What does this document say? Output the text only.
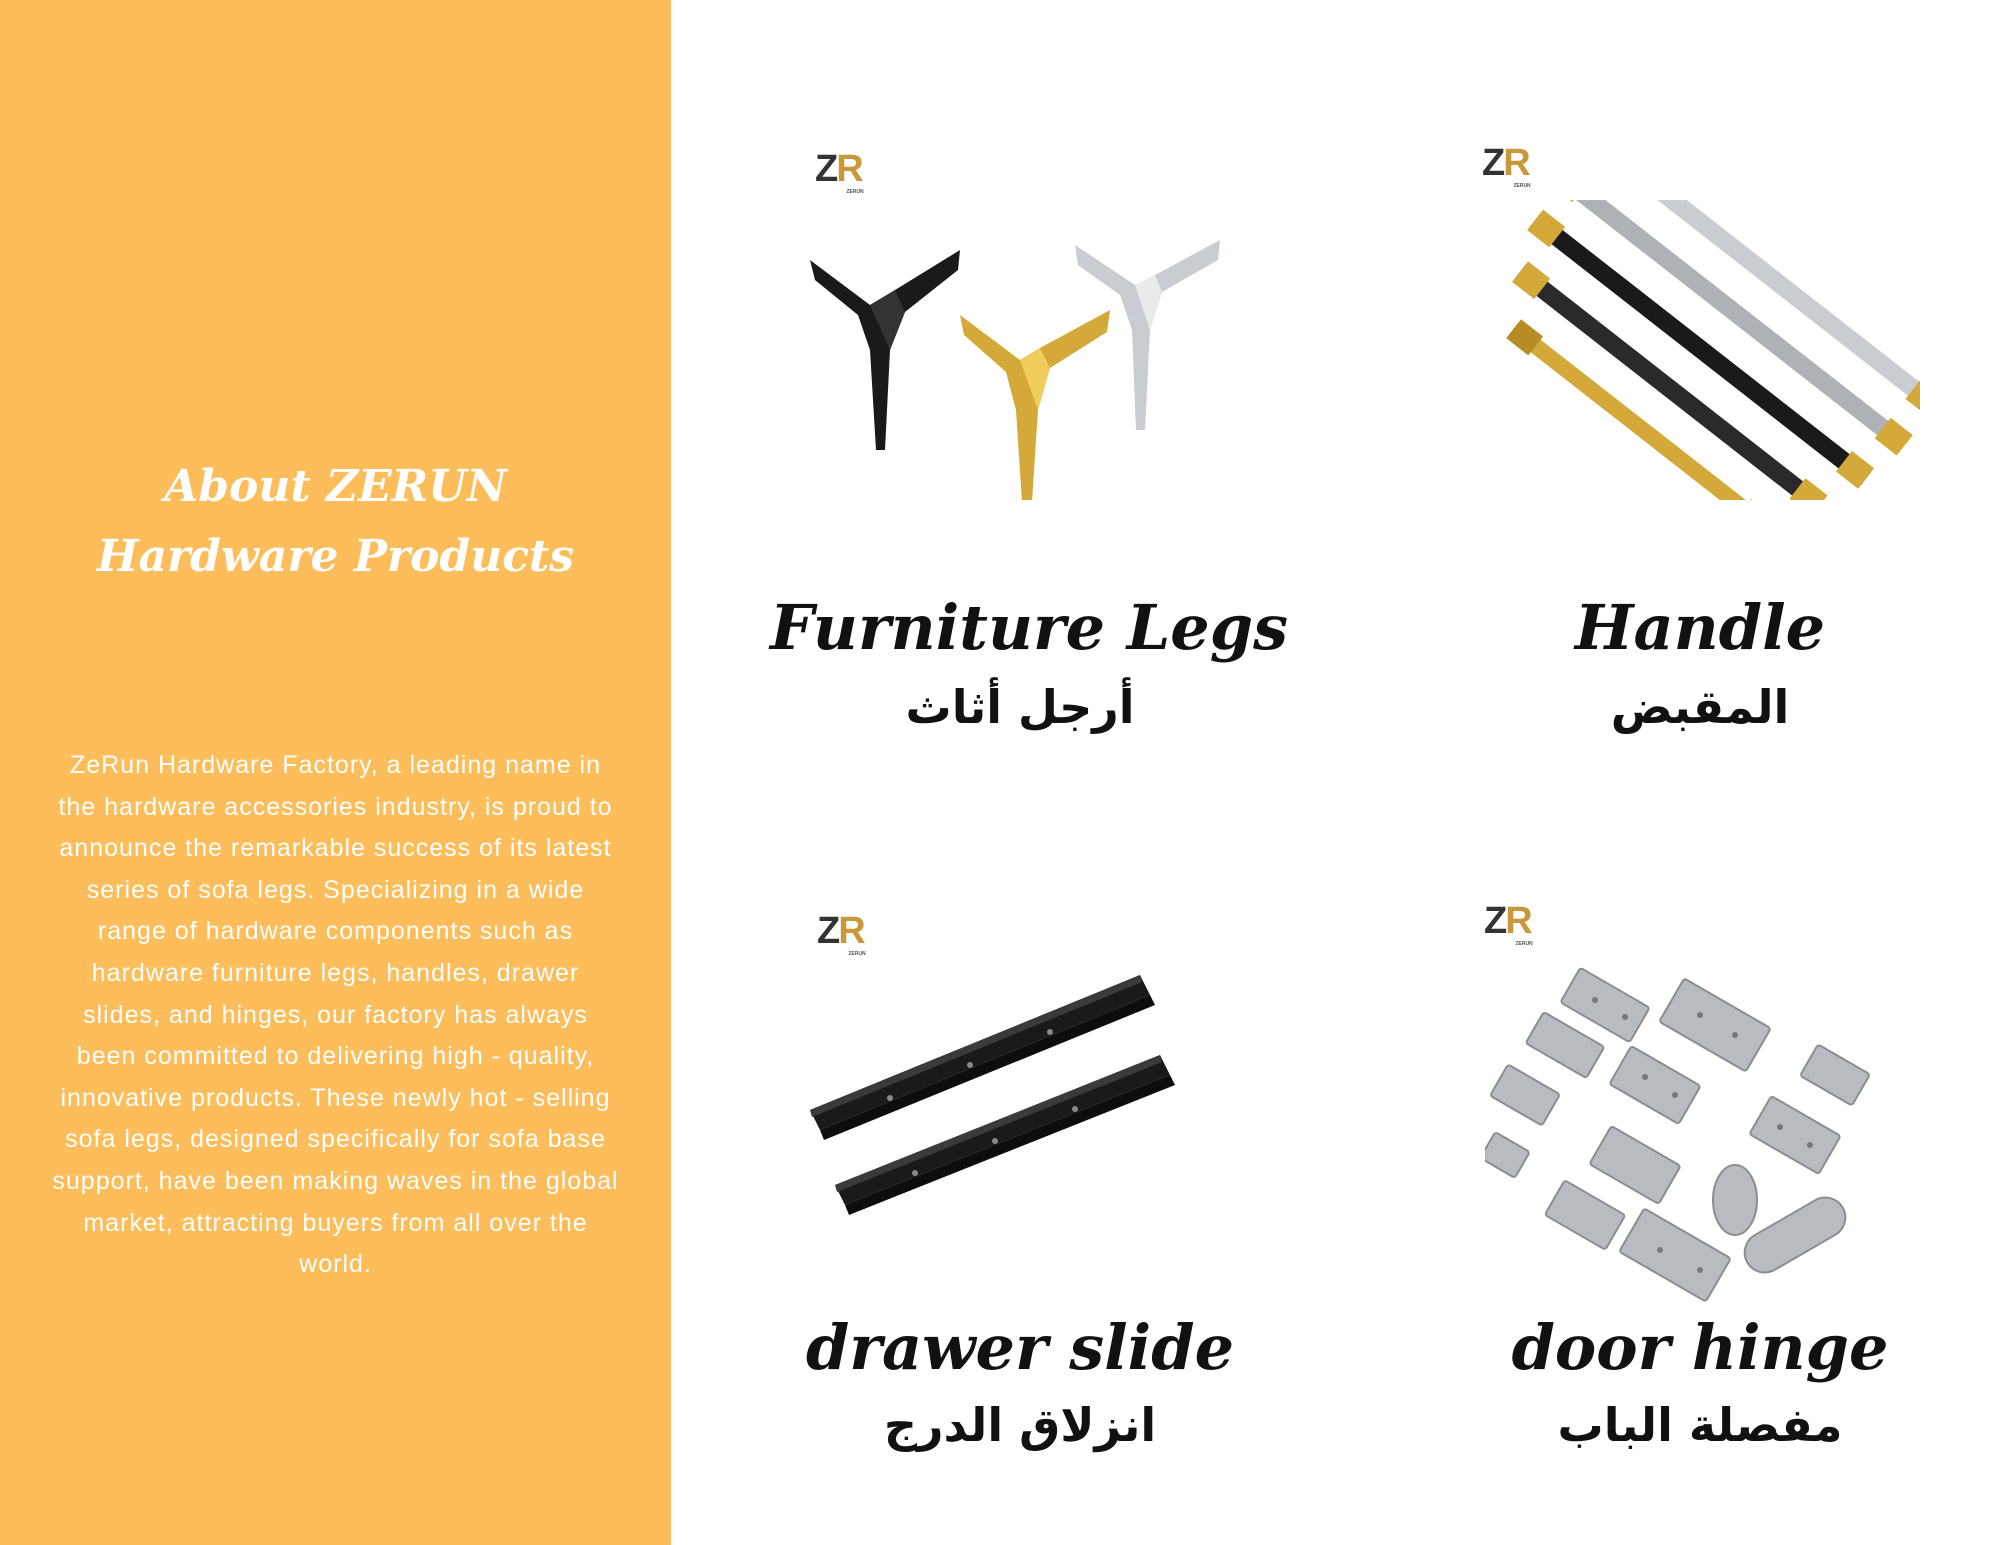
About ZERUN
Hardware Products
ZeRun Hardware Factory, a leading name in the hardware accessories industry, is proud to announce the remarkable success of its latest series of sofa legs. Specializing in a wide range of hardware components such as hardware furniture legs, handles, drawer slides, and hinges, our factory has always been committed to delivering high - quality, innovative products. These newly hot - selling sofa legs, designed specifically for sofa base support, have been making waves in the global market, attracting buyers from all over the world.
ZR
ZERUN
Furniture Legs
أرجل أثاث
ZR
ZERUN
Handle
المقبض
ZR
ZERUN
drawer slide
انزلاق الدرج
ZR
ZERUN
door hinge
مفصلة الباب
